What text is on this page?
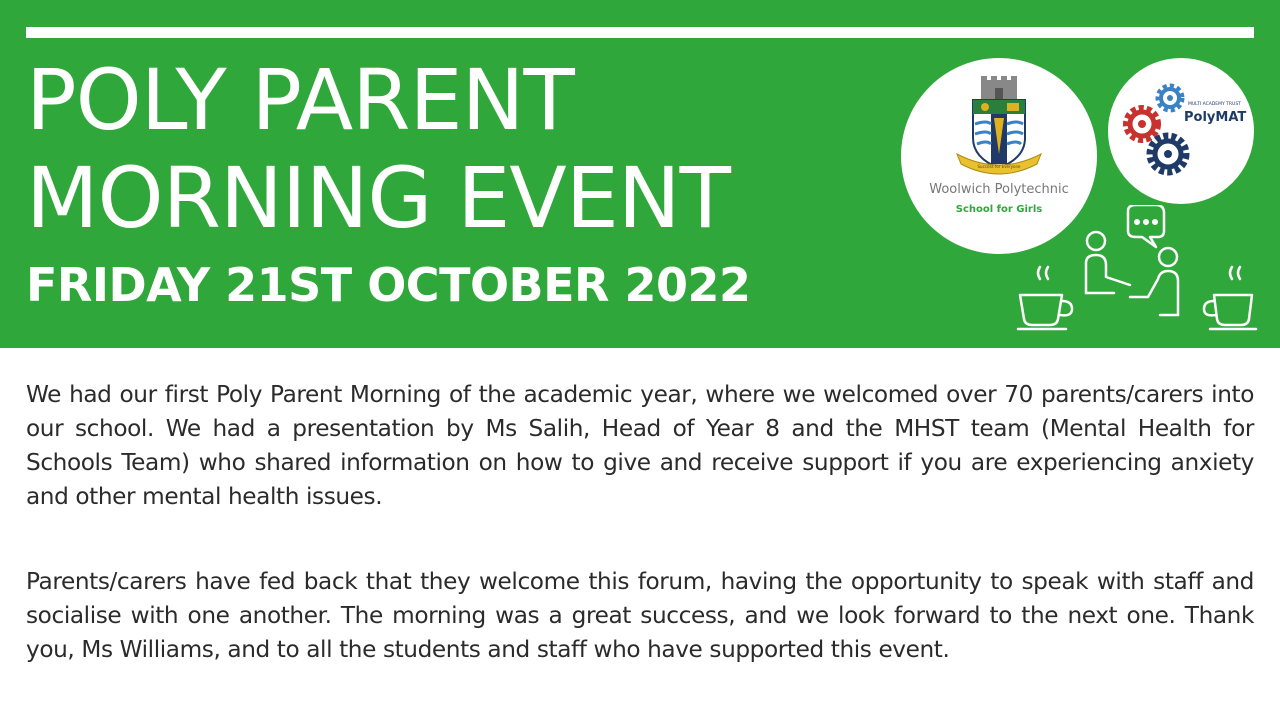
POLY PARENT
MORNING EVENT
FRIDAY 21ST OCTOBER 2022
Success for Everyone
Woolwich Polytechnic
School for Girls
MULTI ACADEMY TRUST
PolyMAT

We had our first Poly Parent Morning of the academic year, where we welcomed over 70 parents/carers into our school. We had a presentation by Ms Salih, Head of Year 8 and the MHST team (Mental Health for Schools Team) who shared information on how to give and receive support if you are experiencing anxiety and other mental health issues.

Parents/carers have fed back that they welcome this forum, having the opportunity to speak with staff and socialise with one another. The morning was a great success, and we look forward to the next one. Thank you, Ms Williams, and to all the students and staff who have supported this event.
